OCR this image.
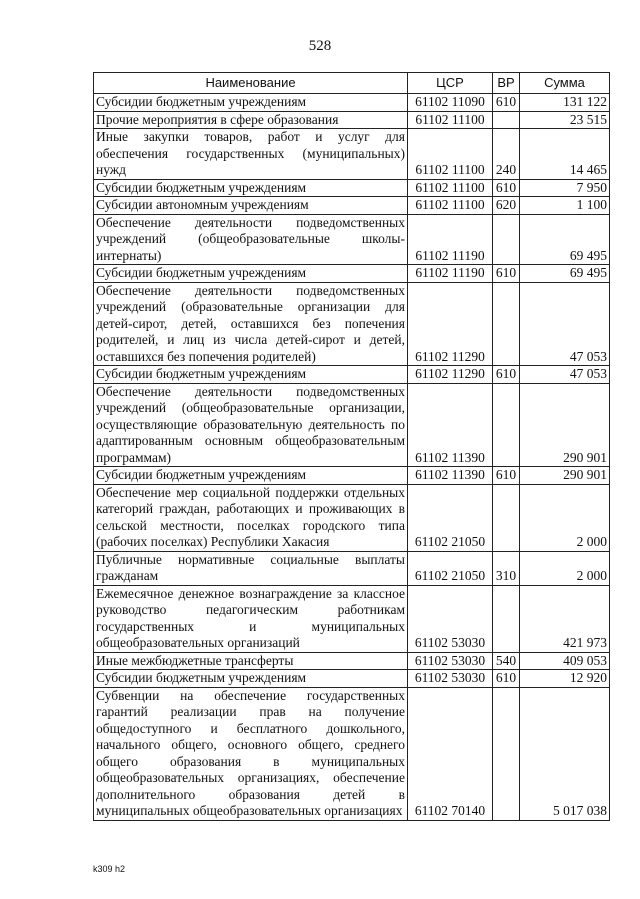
528
Наименование	ЦСР	ВР	Сумма
Субсидии бюджетным учреждениям	61102 11090	610	131 122
Прочие мероприятия в сфере образования	61102 11100		23 515
Иные закупки товаров, работ и услуг для обеспечения государственных (муниципальных) нужд	61102 11100	240	14 465
Субсидии бюджетным учреждениям	61102 11100	610	7 950
Субсидии автономным учреждениям	61102 11100	620	1 100
Обеспечение деятельности подведомственных учреждений (общеобразовательные школы-интернаты)	61102 11190		69 495
Субсидии бюджетным учреждениям	61102 11190	610	69 495
Обеспечение деятельности подведомственных учреждений (образовательные организации для детей-сирот, детей, оставшихся без попечения родителей, и лиц из числа детей-сирот и детей, оставшихся без попечения родителей)	61102 11290		47 053
Субсидии бюджетным учреждениям	61102 11290	610	47 053
Обеспечение деятельности подведомственных учреждений (общеобразовательные организации, осуществляющие образовательную деятельность по адаптированным основным общеобразовательным программам)	61102 11390		290 901
Субсидии бюджетным учреждениям	61102 11390	610	290 901
Обеспечение мер социальной поддержки отдельных категорий граждан, работающих и проживающих в сельской местности, поселках городского типа (рабочих поселках) Республики Хакасия	61102 21050		2 000
Публичные нормативные социальные выплаты гражданам	61102 21050	310	2 000
Ежемесячное денежное вознаграждение за классное руководство педагогическим работникам государственных и муниципальных общеобразовательных организаций	61102 53030		421 973
Иные межбюджетные трансферты	61102 53030	540	409 053
Субсидии бюджетным учреждениям	61102 53030	610	12 920
Субвенции на обеспечение государственных гарантий реализации прав на получение общедоступного и бесплатного дошкольного, начального общего, основного общего, среднего общего образования в муниципальных общеобразовательных организациях, обеспечение дополнительного образования детей в муниципальных общеобразовательных организациях	61102 70140		5 017 038
k309 h2
